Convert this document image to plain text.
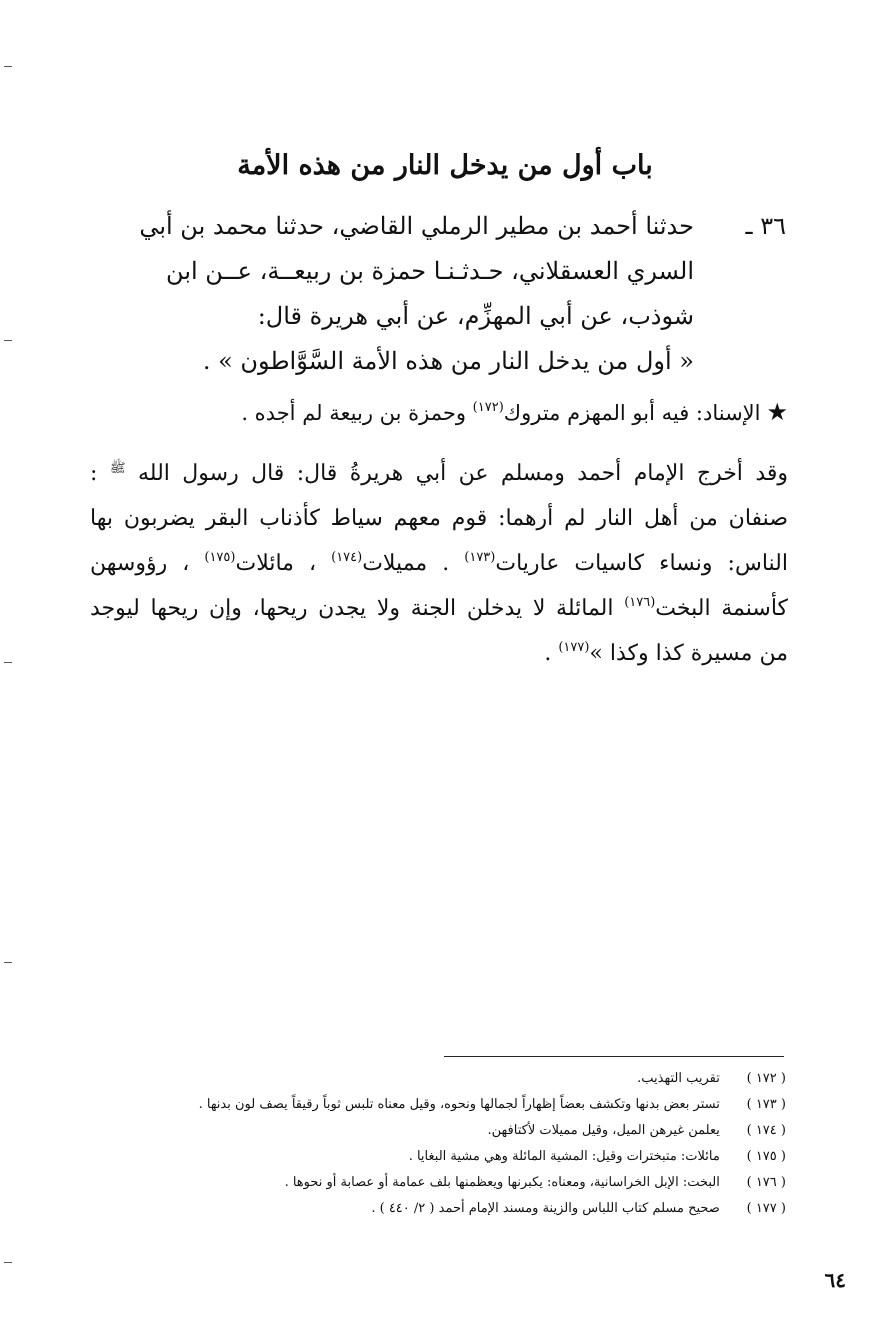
باب أول من يدخل النار من هذه الأمة
٣٦ ـ
حدثنا أحمد بن مطير الرملي القاضي، حدثنا محمد بن أبي
السري العسقلاني، حـدثـنـا حمزة بن ربيعــة، عــن ابن
شوذب، عن أبي المهزِّم، عن أبي هريرة قال:
« أول من يدخل النار من هذه الأمة السَّوَّاطون » .
★الإسناد: فيه أبو المهزم متروك$^{(١٧٢)}$ وحمزة بن ربيعة لم أجده .
وقد أخرج الإمام أحمد ومسلم عن أبي هريرةُ قال: قال رسول الله $^ﷺ$ :
صنفان من أهل النار لم أرهما: قوم معهم سياط كأذناب البقر يضربون بها
الناس: ونساء كاسيات عاريات$^{(١٧٣)}$ . مميلات$^{(١٧٤)}$ ، مائلات$^{(١٧٥)}$ ، رؤوسهن
كأسنمة البخت$^{(١٧٦)}$ المائلة لا يدخلن الجنة ولا يجدن ريحها، وإن ريحها ليوجد
من مسيرة كذا وكذا »$^{(١٧٧)}$ .
( ١٧٢ ) تقريب التهذيب.
( ١٧٣ ) تستر بعض بدنها وتكشف بعضاً إظهاراً لجمالها ونحوه، وقيل معناه تلبس ثوباً رقيقاً يصف لون بدنها .
( ١٧٤ ) يعلمن غيرهن الميل، وقيل مميلات لأكتافهن.
( ١٧٥ ) مائلات: متبخترات وقيل: المشية المائلة وهي مشية البغايا .
( ١٧٦ ) البخت: الإبل الخراسانية، ومعناه: يكبرنها ويعظمنها بلف عمامة أو عصابة أو نحوها .
( ١٧٧ ) صحيح مسلم كتاب اللباس والزينة ومسند الإمام أحمد ( ٢/ ٤٤٠ ) .
٦٤
